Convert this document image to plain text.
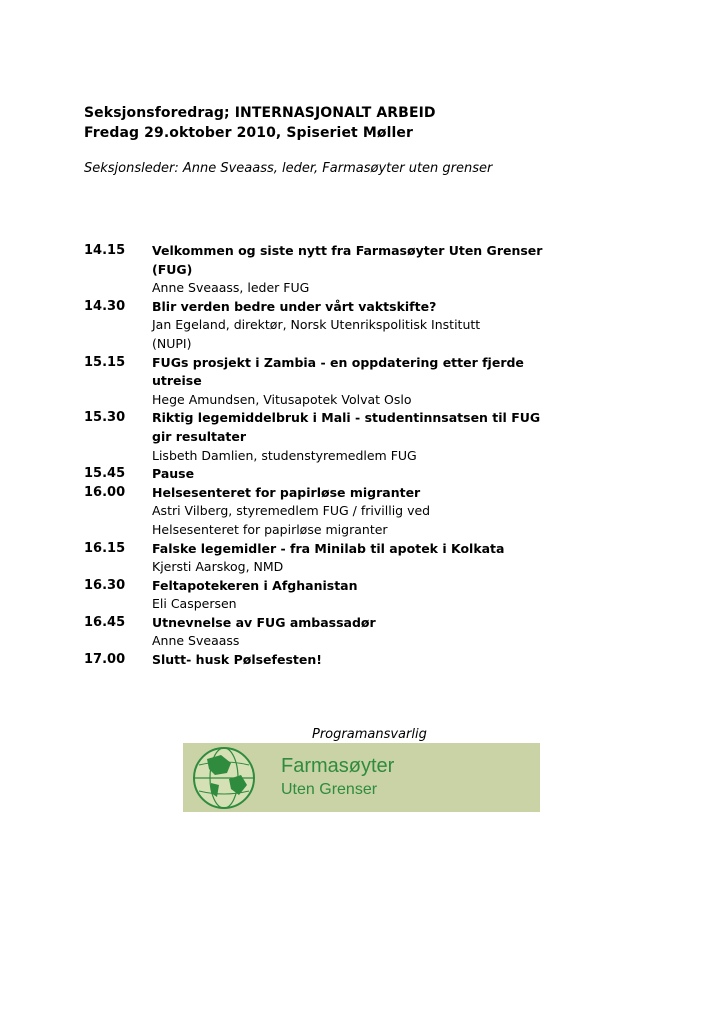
Seksjonsforedrag; INTERNASJONALT ARBEID
Fredag 29.oktober 2010, Spiseriet Møller
Seksjonsleder: Anne Sveaass, leder, Farmasøyter uten grenser
14.15	Velkommen og siste nytt fra Farmasøyter Uten Grenser
(FUG)
Anne Sveaass, leder FUG
14.30	Blir verden bedre under vårt vaktskifte?
Jan Egeland, direktør, Norsk Utenrikspolitisk Institutt
(NUPI)
15.15	FUGs prosjekt i Zambia - en oppdatering etter fjerde
utreise
Hege Amundsen, Vitusapotek Volvat Oslo
15.30	Riktig legemiddelbruk i Mali - studentinnsatsen til FUG
gir resultater
Lisbeth Damlien, studenstyremedlem FUG
15.45	Pause
16.00	Helsesenteret for papirløse migranter
Astri Vilberg, styremedlem FUG / frivillig ved
Helsesenteret for papirløse migranter
16.15	Falske legemidler - fra Minilab til apotek i Kolkata
Kjersti Aarskog, NMD
16.30	Feltapotekeren i Afghanistan
Eli Caspersen
16.45	Utnevnelse av FUG ambassadør
Anne Sveaass
17.00	Slutt- husk Pølsefesten!
Programansvarlig
Farmasøyter
Uten Grenser
